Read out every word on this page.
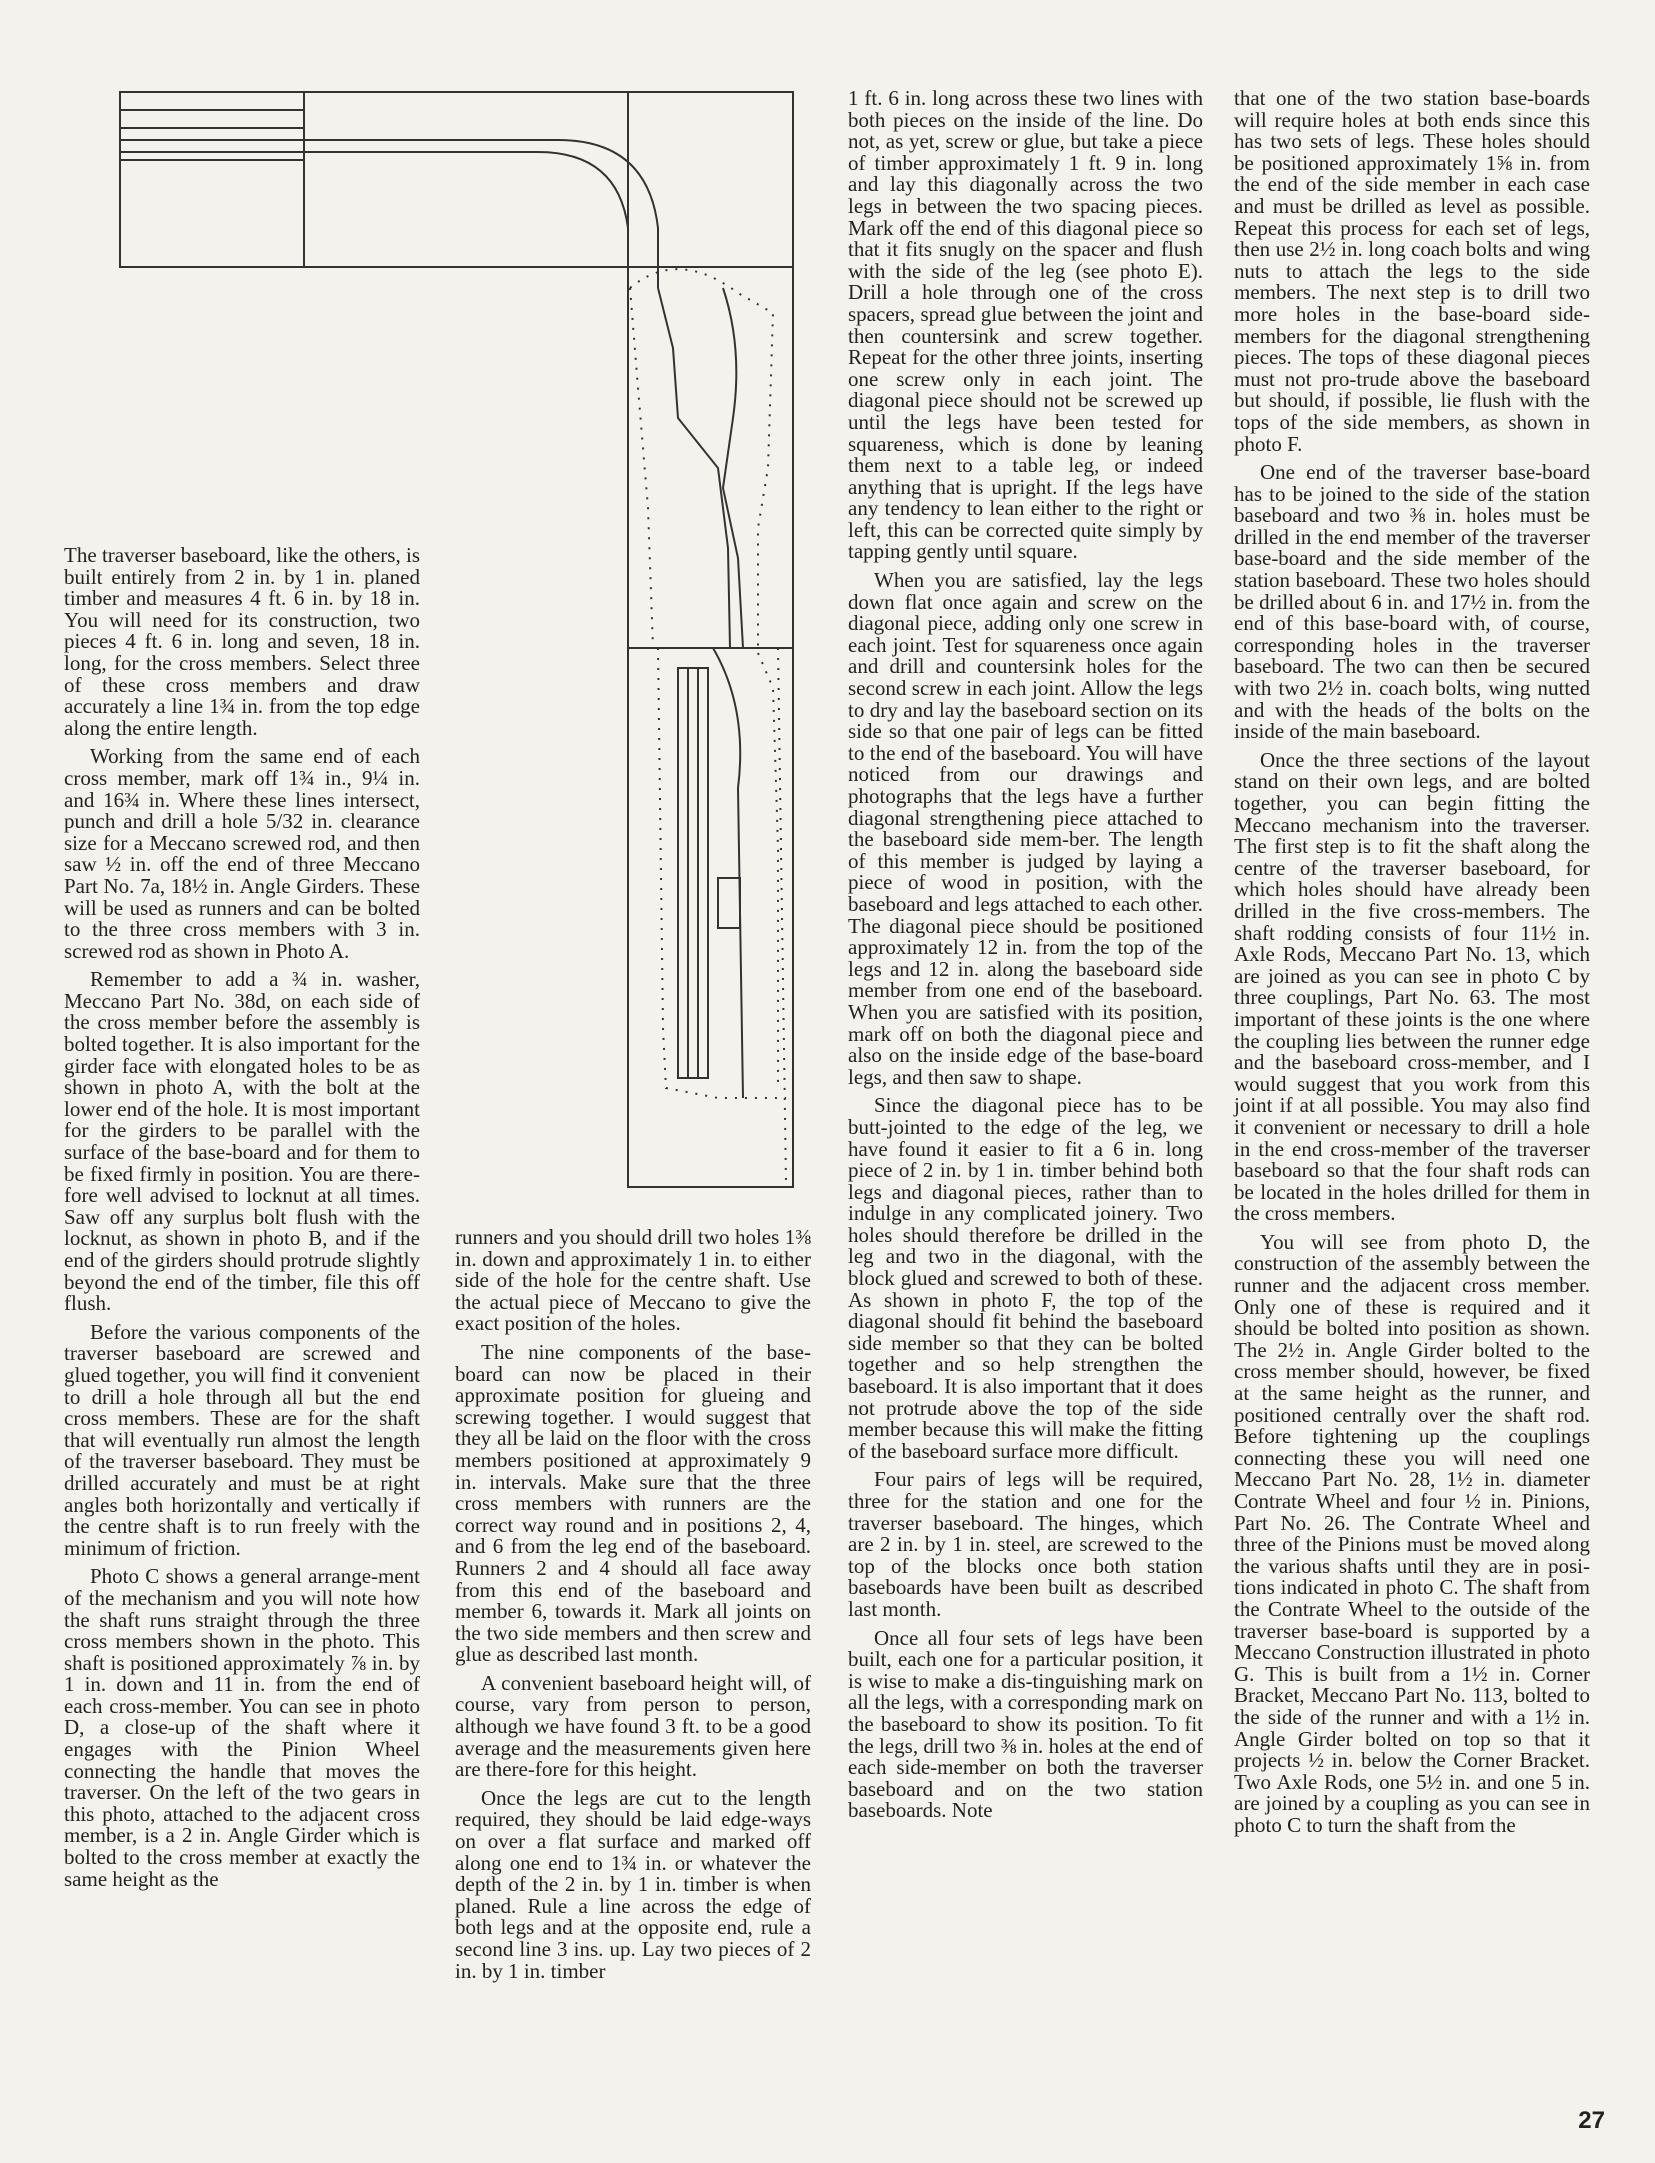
The traverser baseboard, like the others, is built entirely from 2 in. by 1 in. planed timber and measures 4 ft. 6 in. by 18 in. You will need for its construction, two pieces 4 ft. 6 in. long and seven, 18 in. long, for the cross members. Select three of these cross members and draw accurately a line 1¾ in. from the top edge along the entire length.

Working from the same end of each cross member, mark off 1¾ in., 9¼ in. and 16¾ in. Where these lines intersect, punch and drill a hole 5/32 in. clearance size for a Meccano screwed rod, and then saw ½ in. off the end of three Meccano Part No. 7a, 18½ in. Angle Girders. These will be used as runners and can be bolted to the three cross members with 3 in. screwed rod as shown in Photo A.

Remember to add a ¾ in. washer, Meccano Part No. 38d, on each side of the cross member before the assembly is bolted together. It is also important for the girder face with elongated holes to be as shown in photo A, with the bolt at the lower end of the hole. It is most important for the girders to be parallel with the surface of the base-board and for them to be fixed firmly in position. You are there-fore well advised to locknut at all times. Saw off any surplus bolt flush with the locknut, as shown in photo B, and if the end of the girders should protrude slightly beyond the end of the timber, file this off flush.

Before the various components of the traverser baseboard are screwed and glued together, you will find it convenient to drill a hole through all but the end cross members. These are for the shaft that will eventually run almost the length of the traverser baseboard. They must be drilled accurately and must be at right angles both horizontally and vertically if the centre shaft is to run freely with the minimum of friction.

Photo C shows a general arrange-ment of the mechanism and you will note how the shaft runs straight through the three cross members shown in the photo. This shaft is positioned approximately ⅞ in. by 1 in. down and 11 in. from the end of each cross-member. You can see in photo D, a close-up of the shaft where it engages with the Pinion Wheel connecting the handle that moves the traverser. On the left of the two gears in this photo, attached to the adjacent cross member, is a 2 in. Angle Girder which is bolted to the cross member at exactly the same height as the

runners and you should drill two holes 1⅜ in. down and approximately 1 in. to either side of the hole for the centre shaft. Use the actual piece of Meccano to give the exact position of the holes.

The nine components of the base-board can now be placed in their approximate position for glueing and screwing together. I would suggest that they all be laid on the floor with the cross members positioned at approximately 9 in. intervals. Make sure that the three cross members with runners are the correct way round and in positions 2, 4, and 6 from the leg end of the baseboard. Runners 2 and 4 should all face away from this end of the baseboard and member 6, towards it. Mark all joints on the two side members and then screw and glue as described last month.

A convenient baseboard height will, of course, vary from person to person, although we have found 3 ft. to be a good average and the measurements given here are there-fore for this height.

Once the legs are cut to the length required, they should be laid edge-ways on over a flat surface and marked off along one end to 1¾ in. or whatever the depth of the 2 in. by 1 in. timber is when planed. Rule a line across the edge of both legs and at the opposite end, rule a second line 3 ins. up. Lay two pieces of 2 in. by 1 in. timber

1 ft. 6 in. long across these two lines with both pieces on the inside of the line. Do not, as yet, screw or glue, but take a piece of timber approximately 1 ft. 9 in. long and lay this diagonally across the two legs in between the two spacing pieces. Mark off the end of this diagonal piece so that it fits snugly on the spacer and flush with the side of the leg (see photo E). Drill a hole through one of the cross spacers, spread glue between the joint and then countersink and screw together. Repeat for the other three joints, inserting one screw only in each joint. The diagonal piece should not be screwed up until the legs have been tested for squareness, which is done by leaning them next to a table leg, or indeed anything that is upright. If the legs have any tendency to lean either to the right or left, this can be corrected quite simply by tapping gently until square.

When you are satisfied, lay the legs down flat once again and screw on the diagonal piece, adding only one screw in each joint. Test for squareness once again and drill and countersink holes for the second screw in each joint. Allow the legs to dry and lay the baseboard section on its side so that one pair of legs can be fitted to the end of the baseboard. You will have noticed from our drawings and photographs that the legs have a further diagonal strengthening piece attached to the baseboard side mem-ber. The length of this member is judged by laying a piece of wood in position, with the baseboard and legs attached to each other. The diagonal piece should be positioned approximately 12 in. from the top of the legs and 12 in. along the baseboard side member from one end of the baseboard. When you are satisfied with its position, mark off on both the diagonal piece and also on the inside edge of the base-board legs, and then saw to shape.

Since the diagonal piece has to be butt-jointed to the edge of the leg, we have found it easier to fit a 6 in. long piece of 2 in. by 1 in. timber behind both legs and diagonal pieces, rather than to indulge in any complicated joinery. Two holes should therefore be drilled in the leg and two in the diagonal, with the block glued and screwed to both of these. As shown in photo F, the top of the diagonal should fit behind the baseboard side member so that they can be bolted together and so help strengthen the baseboard. It is also important that it does not protrude above the top of the side member because this will make the fitting of the baseboard surface more difficult.

Four pairs of legs will be required, three for the station and one for the traverser baseboard. The hinges, which are 2 in. by 1 in. steel, are screwed to the top of the blocks once both station baseboards have been built as described last month.

Once all four sets of legs have been built, each one for a particular position, it is wise to make a dis-tinguishing mark on all the legs, with a corresponding mark on the baseboard to show its position. To fit the legs, drill two ⅜ in. holes at the end of each side-member on both the traverser baseboard and on the two station baseboards. Note

that one of the two station base-boards will require holes at both ends since this has two sets of legs. These holes should be positioned approximately 1⅝ in. from the end of the side member in each case and must be drilled as level as possible. Repeat this process for each set of legs, then use 2½ in. long coach bolts and wing nuts to attach the legs to the side members. The next step is to drill two more holes in the base-board side-members for the diagonal strengthening pieces. The tops of these diagonal pieces must not pro-trude above the baseboard but should, if possible, lie flush with the tops of the side members, as shown in photo F.

One end of the traverser base-board has to be joined to the side of the station baseboard and two ⅜ in. holes must be drilled in the end member of the traverser base-board and the side member of the station baseboard. These two holes should be drilled about 6 in. and 17½ in. from the end of this base-board with, of course, corresponding holes in the traverser baseboard. The two can then be secured with two 2½ in. coach bolts, wing nutted and with the heads of the bolts on the inside of the main baseboard.

Once the three sections of the layout stand on their own legs, and are bolted together, you can begin fitting the Meccano mechanism into the traverser. The first step is to fit the shaft along the centre of the traverser baseboard, for which holes should have already been drilled in the five cross-members. The shaft rodding consists of four 11½ in. Axle Rods, Meccano Part No. 13, which are joined as you can see in photo C by three couplings, Part No. 63. The most important of these joints is the one where the coupling lies between the runner edge and the baseboard cross-member, and I would suggest that you work from this joint if at all possible. You may also find it convenient or necessary to drill a hole in the end cross-member of the traverser baseboard so that the four shaft rods can be located in the holes drilled for them in the cross members.

You will see from photo D, the construction of the assembly between the runner and the adjacent cross member. Only one of these is required and it should be bolted into position as shown. The 2½ in. Angle Girder bolted to the cross member should, however, be fixed at the same height as the runner, and positioned centrally over the shaft rod. Before tightening up the couplings connecting these you will need one Meccano Part No. 28, 1½ in. diameter Contrate Wheel and four ½ in. Pinions, Part No. 26. The Contrate Wheel and three of the Pinions must be moved along the various shafts until they are in posi-tions indicated in photo C. The shaft from the Contrate Wheel to the outside of the traverser base-board is supported by a Meccano Construction illustrated in photo G. This is built from a 1½ in. Corner Bracket, Meccano Part No. 113, bolted to the side of the runner and with a 1½ in. Angle Girder bolted on top so that it projects ½ in. below the Corner Bracket. Two Axle Rods, one 5½ in. and one 5 in. are joined by a coupling as you can see in photo C to turn the shaft from the

27
